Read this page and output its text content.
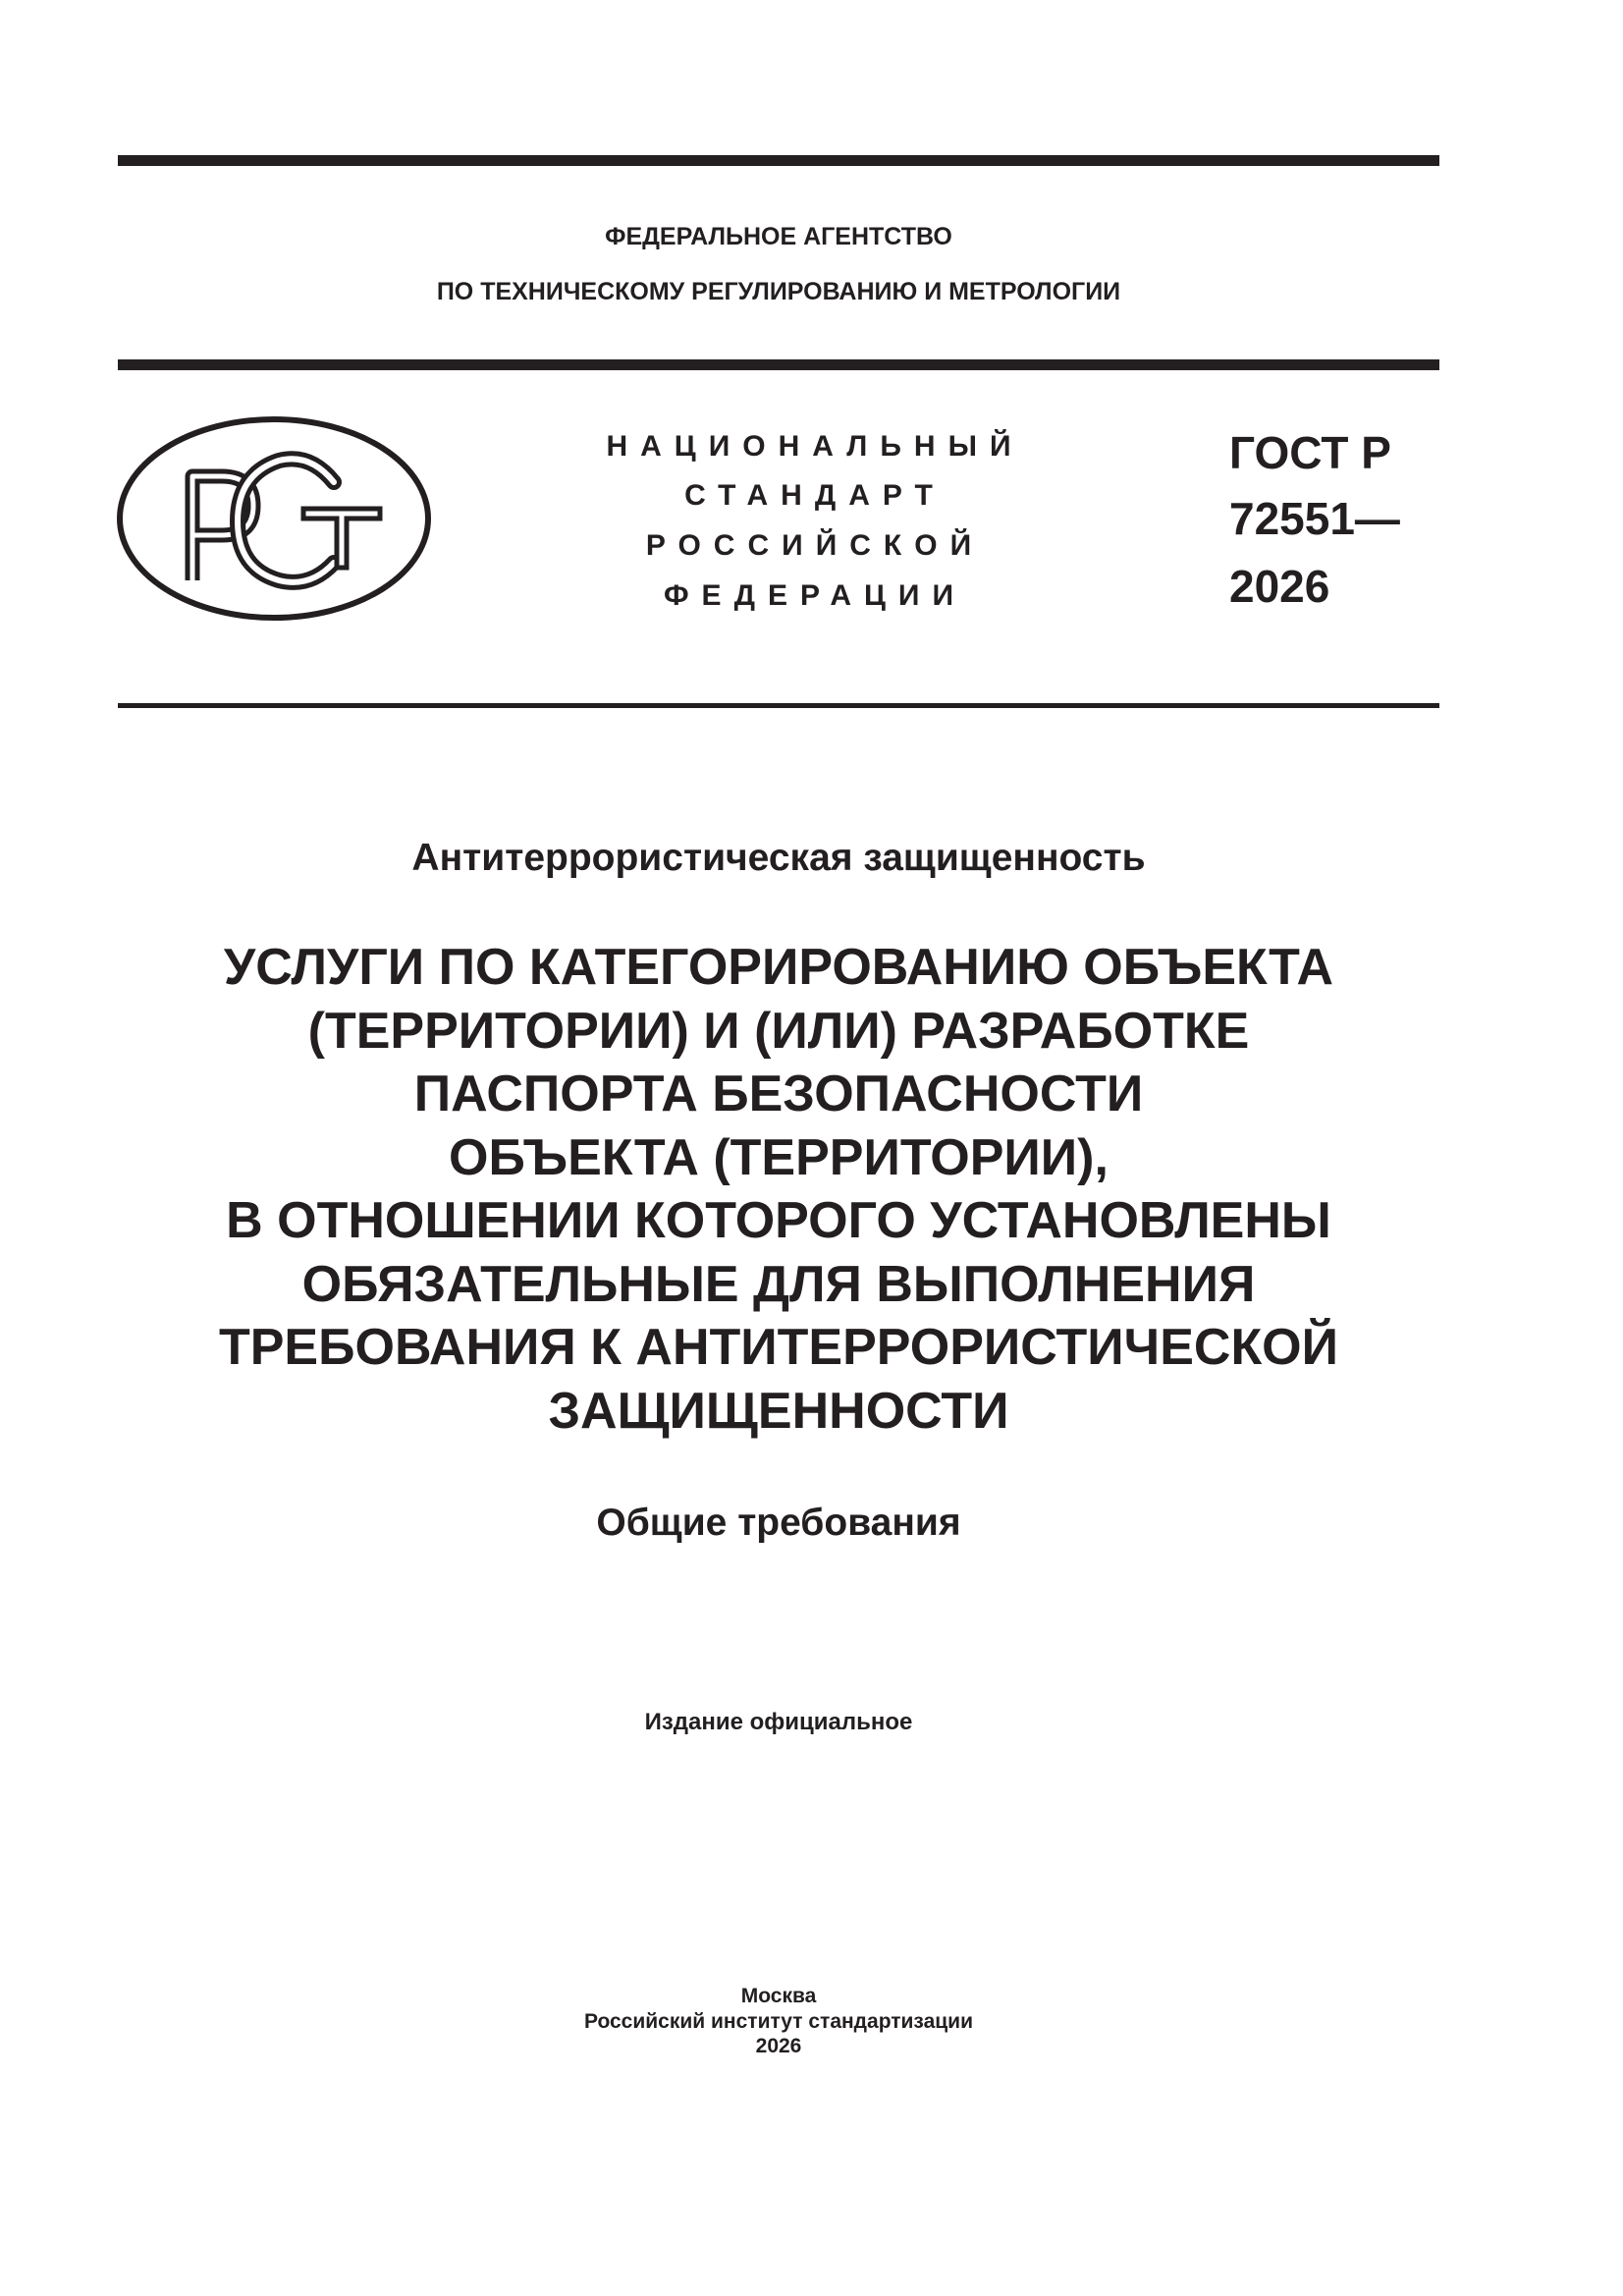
ФЕДЕРАЛЬНОЕ АГЕНТСТВО
ПО ТЕХНИЧЕСКОМУ РЕГУЛИРОВАНИЮ И МЕТРОЛОГИИ
НАЦИОНАЛЬНЫЙ
СТАНДАРТ
РОССИЙСКОЙ
ФЕДЕРАЦИИ
ГОСТ Р
72551—
2026
Антитеррористическая защищенность
УСЛУГИ ПО КАТЕГОРИРОВАНИЮ ОБЪЕКТА
(ТЕРРИТОРИИ) И (ИЛИ) РАЗРАБОТКЕ
ПАСПОРТА БЕЗОПАСНОСТИ
ОБЪЕКТА (ТЕРРИТОРИИ),
В ОТНОШЕНИИ КОТОРОГО УСТАНОВЛЕНЫ
ОБЯЗАТЕЛЬНЫЕ ДЛЯ ВЫПОЛНЕНИЯ
ТРЕБОВАНИЯ К АНТИТЕРРОРИСТИЧЕСКОЙ
ЗАЩИЩЕННОСТИ
Общие требования
Издание официальное
Москва
Российский институт стандартизации
2026
